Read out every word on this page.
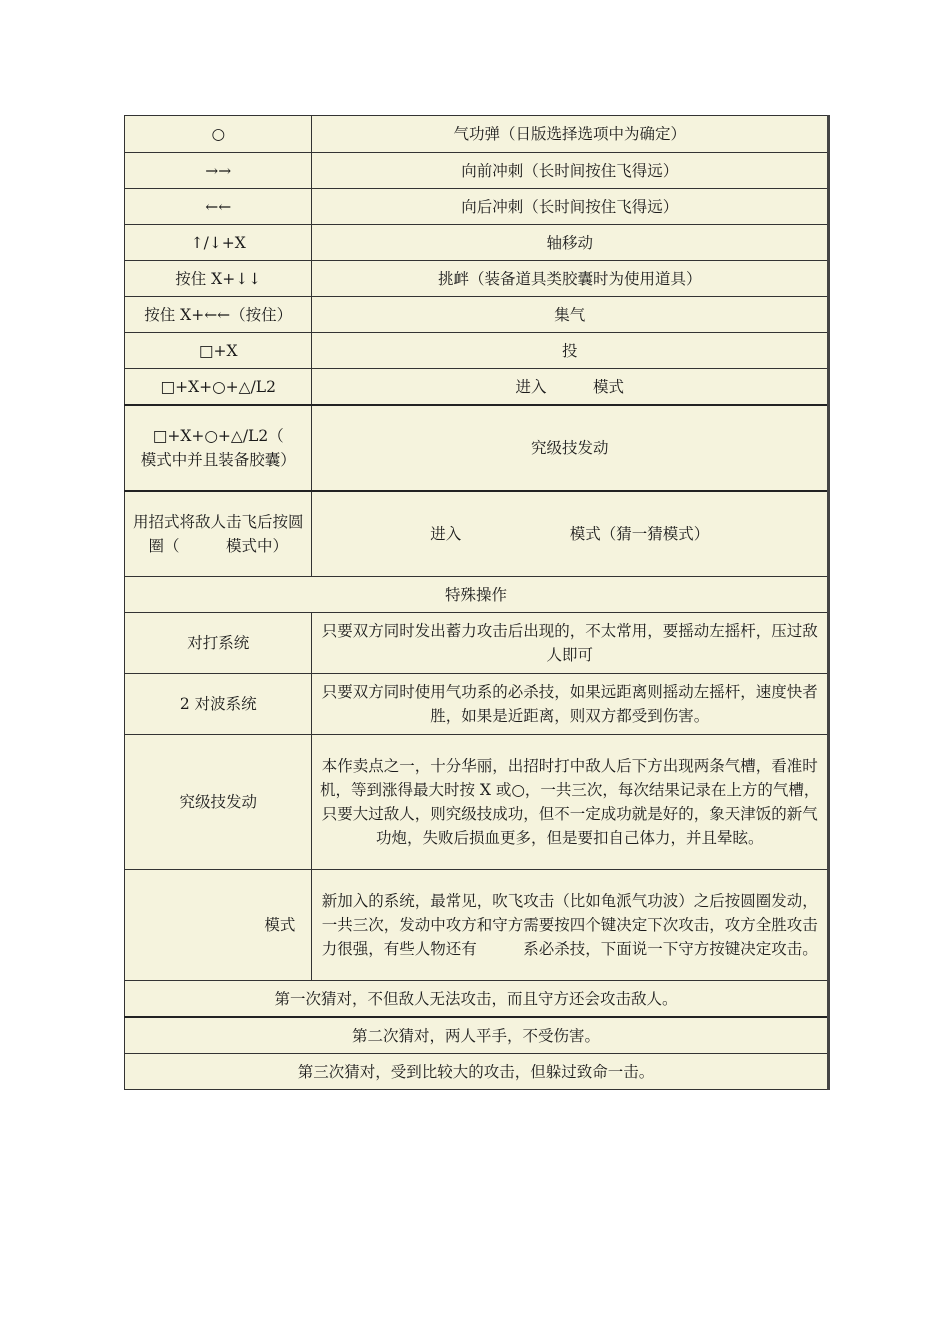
○	气功弹（日版选择选项中为确定）
→→	向前冲刺（长时间按住飞得远）
←←	向后冲刺（长时间按住飞得远）
↑/↓+X	轴移动
按住 X+↓↓	挑衅（装备道具类胶囊时为使用道具）
按住 X+←←（按住）	集气
□+X	投
□+X+○+△/L2	进入　　　模式
□+X+○+△/L2（　　　模式中并且装备胶囊）	究级技发动
用招式将敌人击飞后按圆圈（　　　模式中）	进入　　　　　　　模式（猜一猜模式）
特殊操作	
对打系统	只要双方同时发出蓄力攻击后出现的，不太常用，要摇动左摇杆，压过敌人即可
2 对波系统	只要双方同时使用气功系的必杀技，如果远距离则摇动左摇杆，速度快者胜，如果是近距离，则双方都受到伤害。
究级技发动	本作卖点之一，十分华丽，出招时打中敌人后下方出现两条气槽，看准时机，等到涨得最大时按 X 或○，一共三次，每次结果记录在上方的气槽，只要大过敌人，则究级技成功，但不一定成功就是好的，象天津饭的新气功炮，失败后损血更多，但是要扣自己体力，并且晕眩。
模式	新加入的系统，最常见，吹飞攻击（比如龟派气功波）之后按圆圈发动，一共三次，发动中攻方和守方需要按四个键决定下次攻击，攻方全胜攻击力很强，有些人物还有　　　系必杀技，下面说一下守方按键决定攻击。
第一次猜对，不但敌人无法攻击，而且守方还会攻击敌人。	
第二次猜对，两人平手，不受伤害。	
第三次猜对，受到比较大的攻击，但躲过致命一击。	
